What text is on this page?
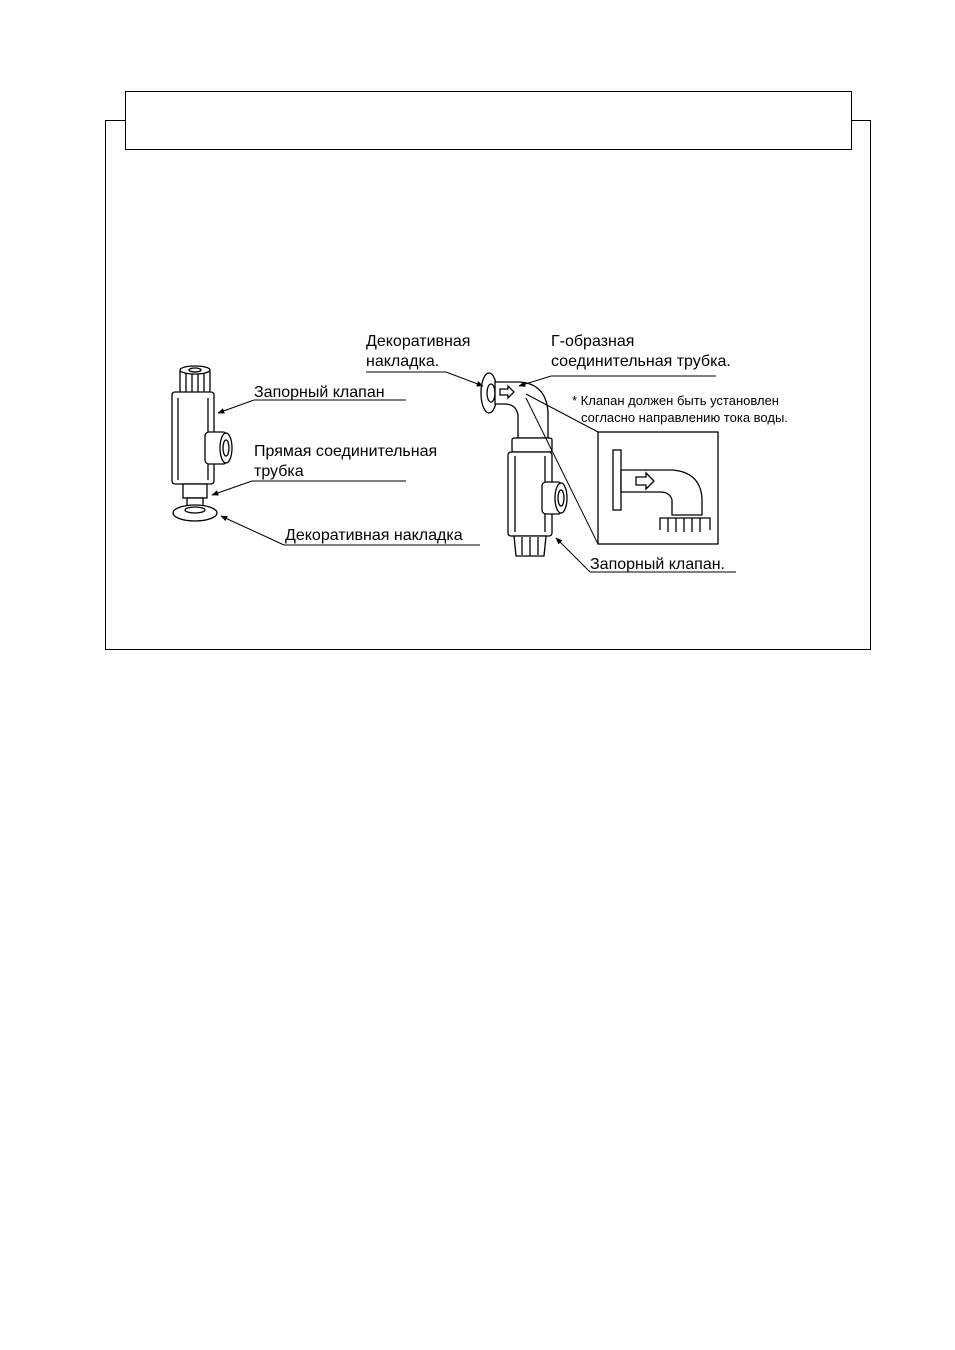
Запорный клапан
Прямая соединительная
трубка
Декоративная накладка
Декоративная
накладка.
Г-образная
соединительная трубка.
* Клапан должен быть установлен
согласно направлению тока воды.
Запорный клапан.
